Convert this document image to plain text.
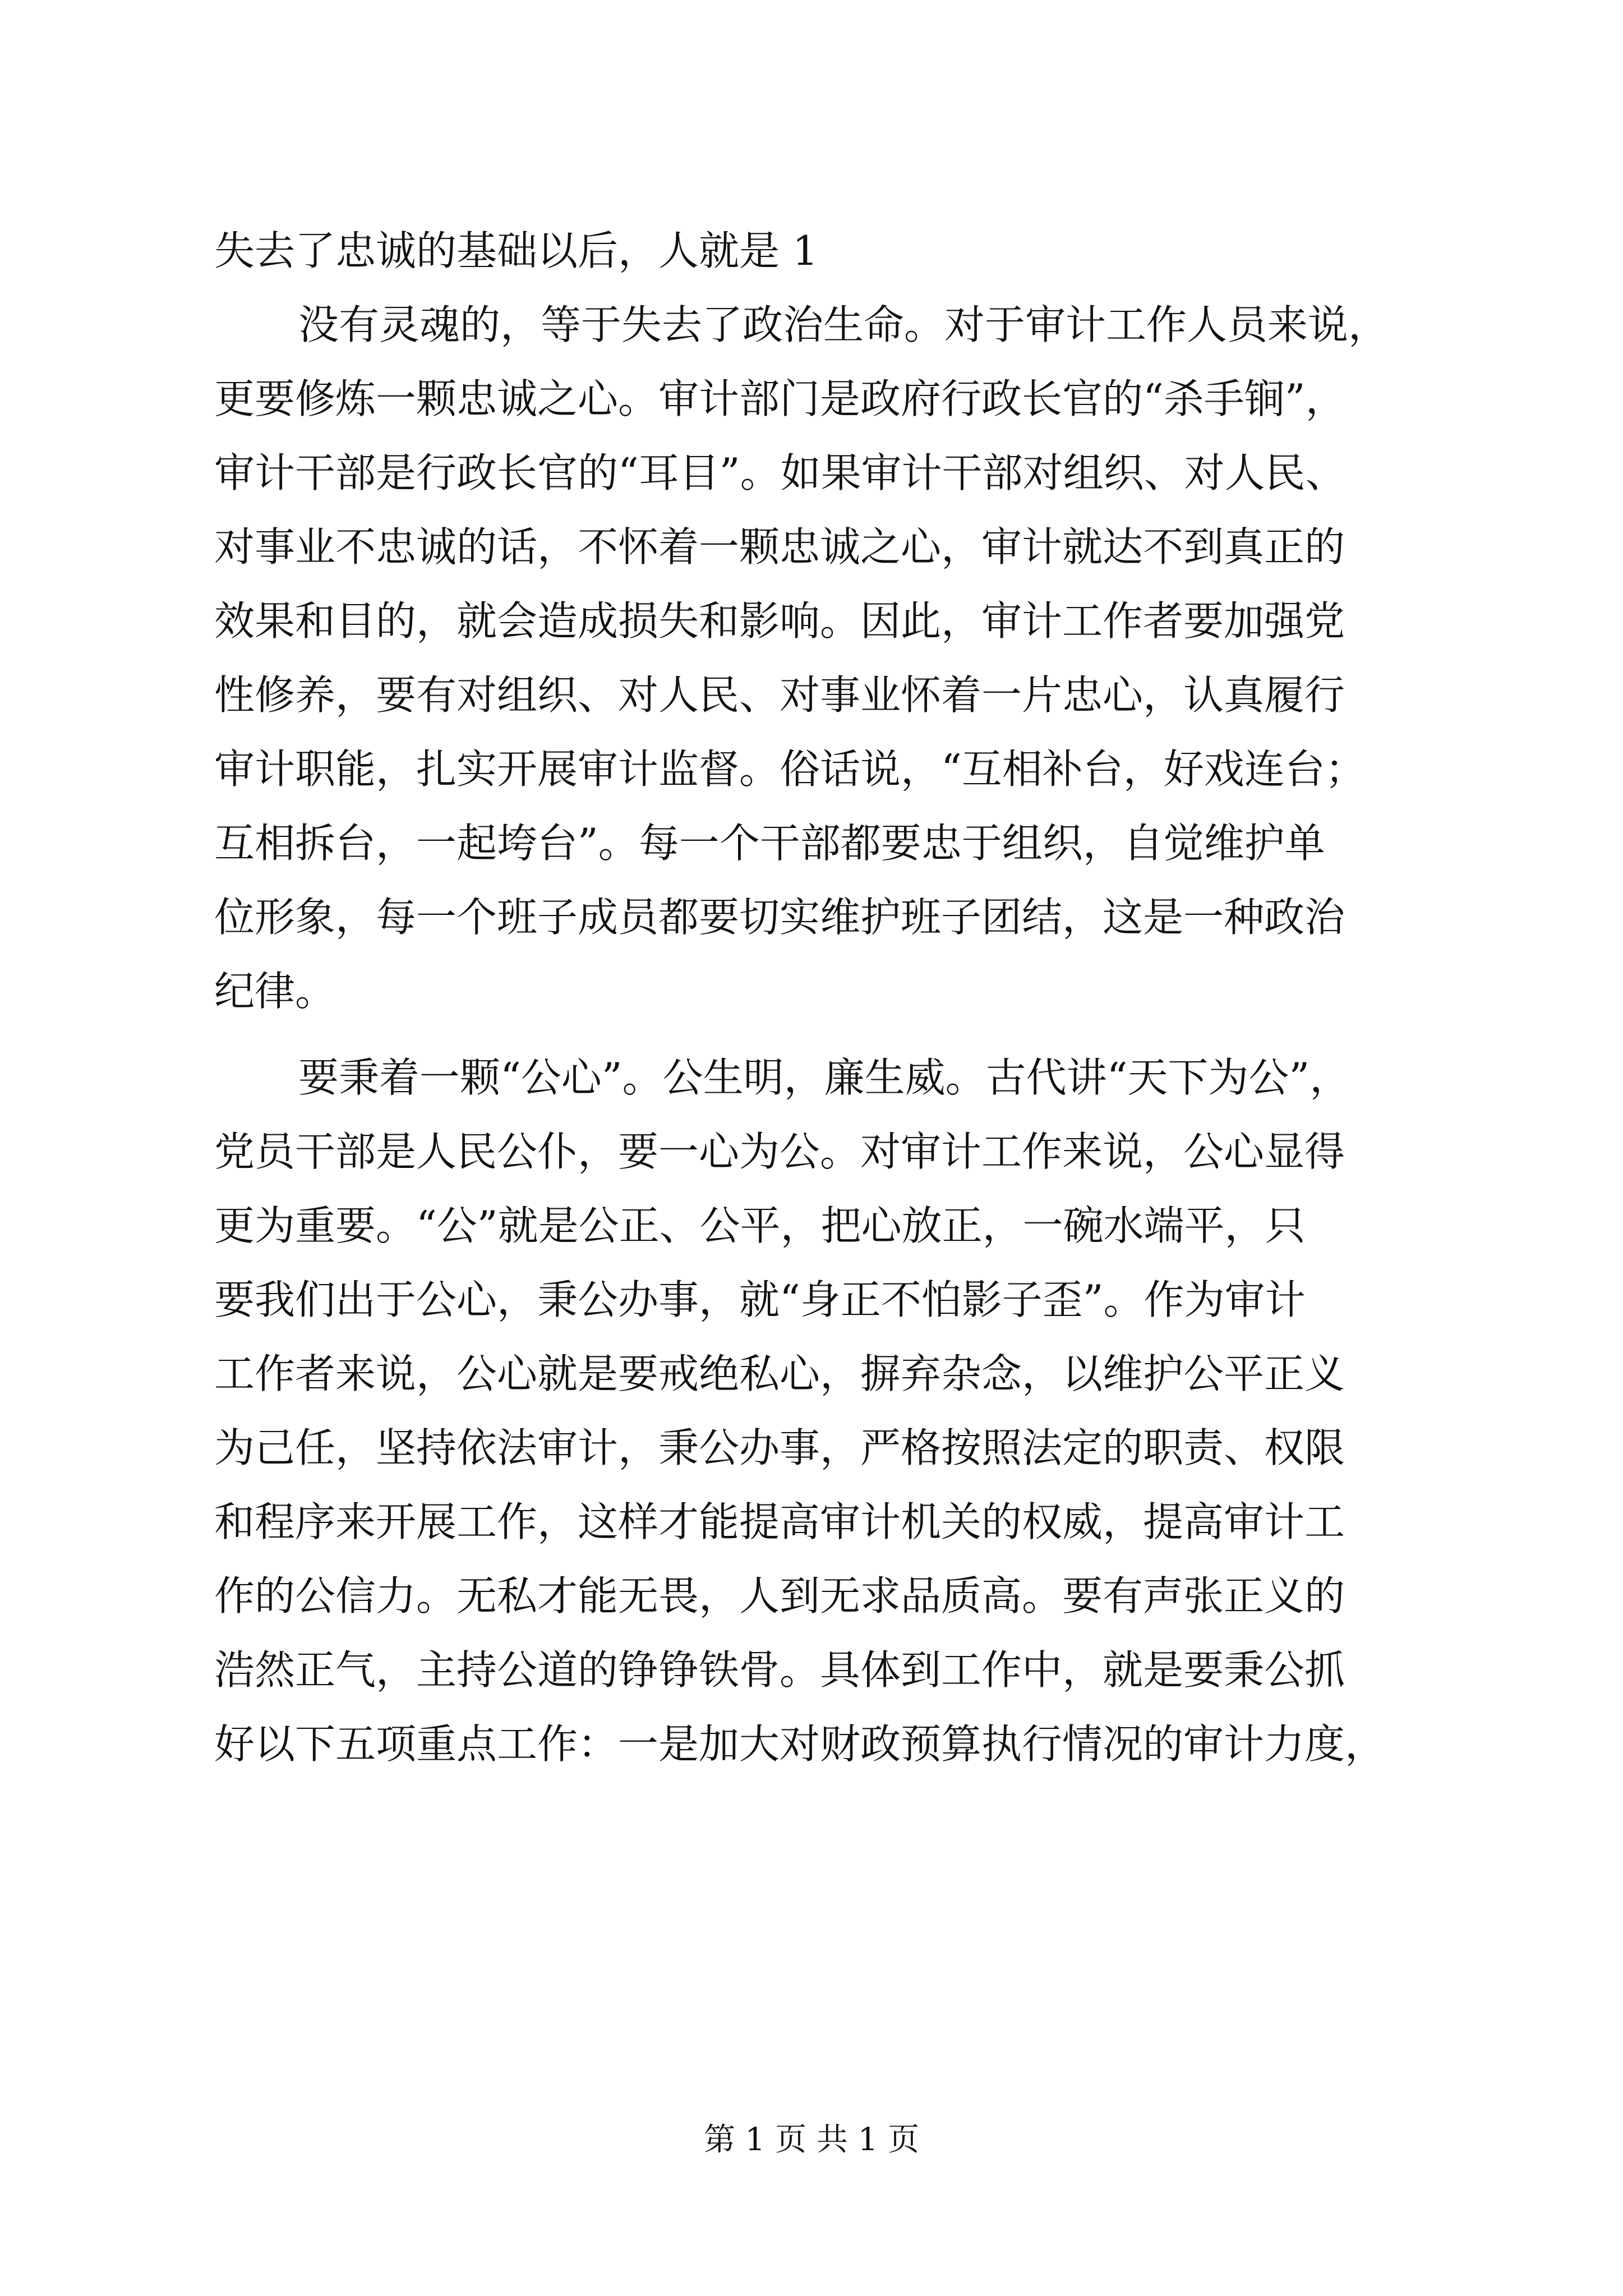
失去了忠诚的基础以后，人就是 1
没有灵魂的，等于失去了政治生命。对于审计工作人员来说，
更要修炼一颗忠诚之心。审计部门是政府行政长官的“杀手锏”，
审计干部是行政长官的“耳目”。如果审计干部对组织、对人民、
对事业不忠诚的话，不怀着一颗忠诚之心，审计就达不到真正的
效果和目的，就会造成损失和影响。因此，审计工作者要加强党
性修养，要有对组织、对人民、对事业怀着一片忠心，认真履行
审计职能，扎实开展审计监督。俗话说，“互相补台，好戏连台；
互相拆台，一起垮台”。每一个干部都要忠于组织，自觉维护单
位形象，每一个班子成员都要切实维护班子团结，这是一种政治
纪律。
要秉着一颗“公心”。公生明，廉生威。古代讲“天下为公”，
党员干部是人民公仆，要一心为公。对审计工作来说，公心显得
更为重要。“公”就是公正、公平，把心放正，一碗水端平，只
要我们出于公心，秉公办事，就“身正不怕影子歪”。作为审计
工作者来说，公心就是要戒绝私心，摒弃杂念，以维护公平正义
为己任，坚持依法审计，秉公办事，严格按照法定的职责、权限
和程序来开展工作，这样才能提高审计机关的权威，提高审计工
作的公信力。无私才能无畏，人到无求品质高。要有声张正义的
浩然正气，主持公道的铮铮铁骨。具体到工作中，就是要秉公抓
好以下五项重点工作：一是加大对财政预算执行情况的审计力度，
第 1 页 共 1 页
